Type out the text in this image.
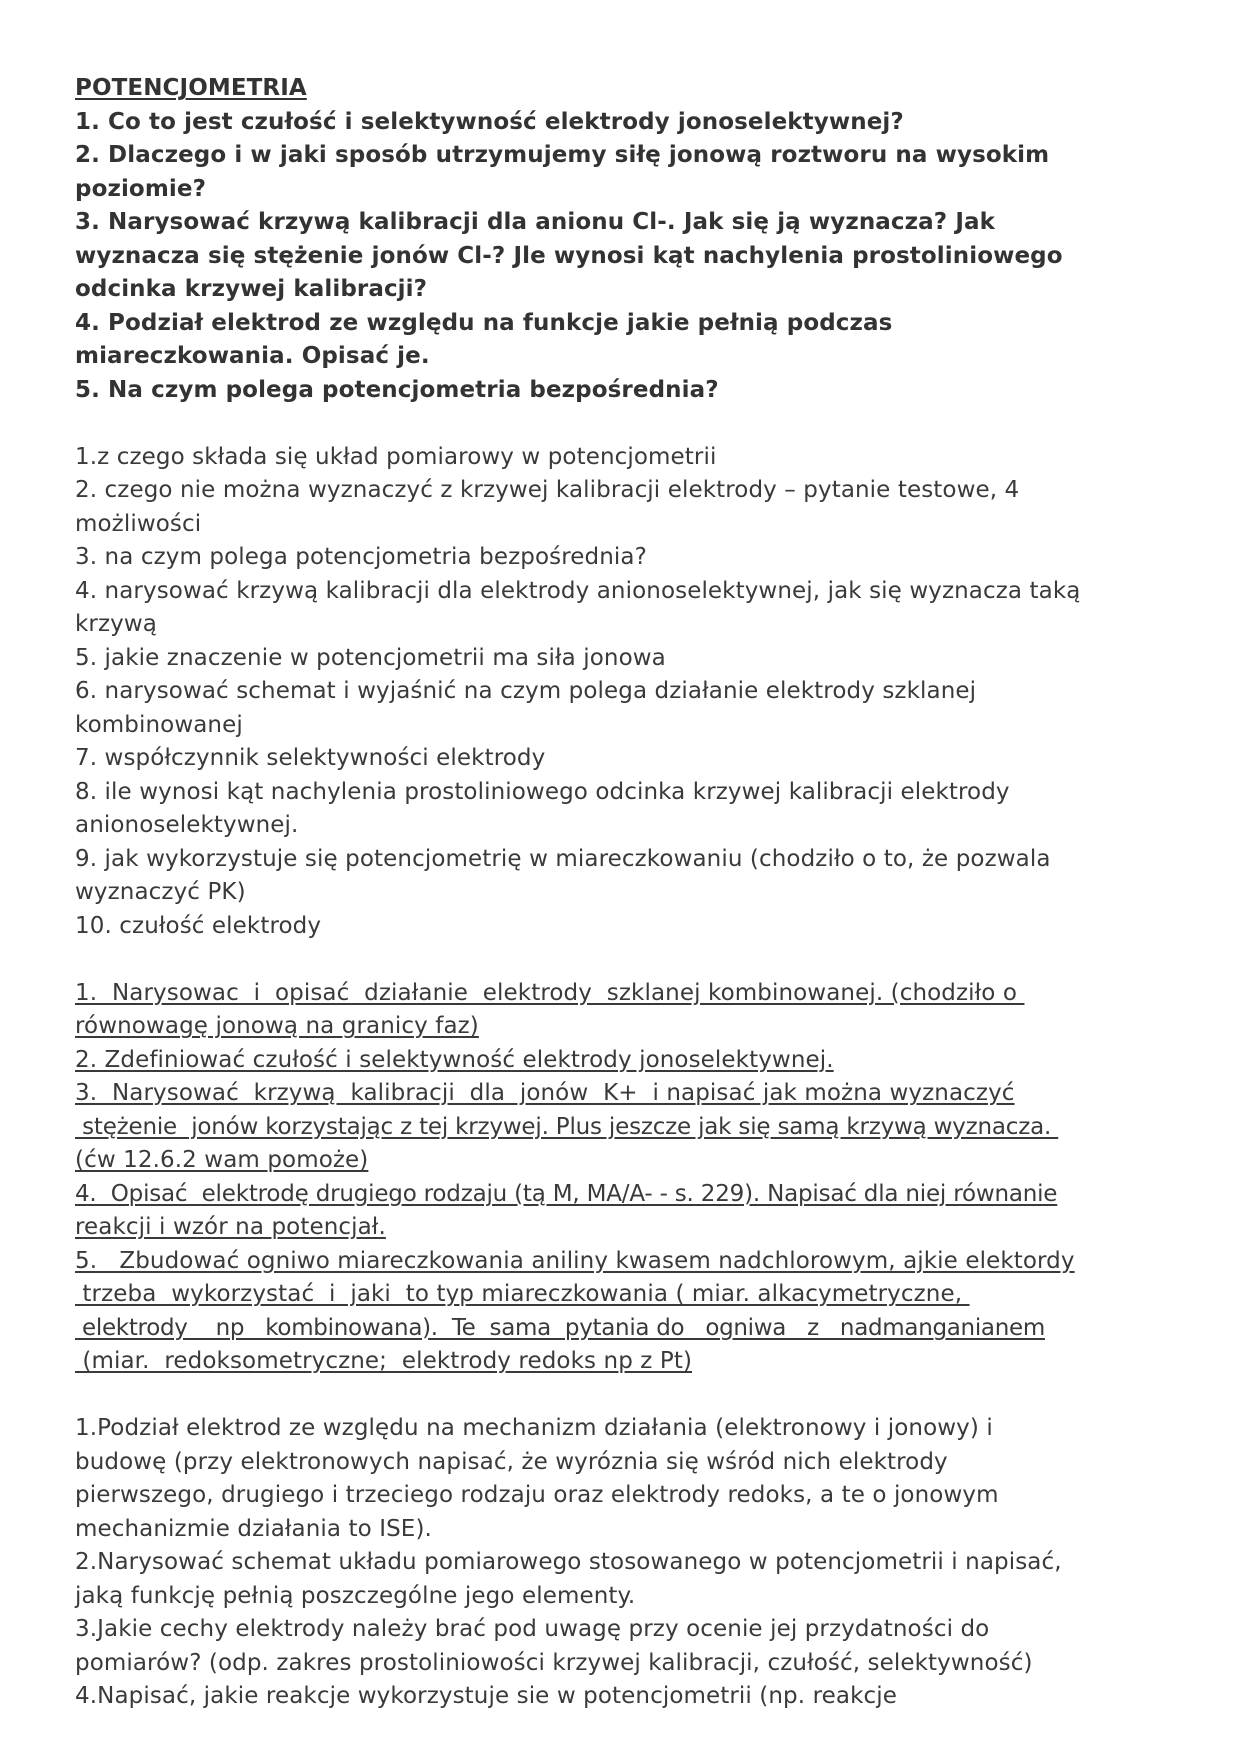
POTENCJOMETRIA
1. Co to jest czułość i selektywność elektrody jonoselektywnej?
2. Dlaczego i w jaki sposób utrzymujemy siłę jonową roztworu na wysokim
poziomie?
3. Narysować krzywą kalibracji dla anionu Cl-. Jak się ją wyznacza? Jak
wyznacza się stężenie jonów Cl-? Jle wynosi kąt nachylenia prostoliniowego
odcinka krzywej kalibracji?
4. Podział elektrod ze względu na funkcje jakie pełnią podczas
miareczkowania. Opisać je.
5. Na czym polega potencjometria bezpośrednia?
1.z czego składa się układ pomiarowy w potencjometrii
2. czego nie można wyznaczyć z krzywej kalibracji elektrody – pytanie testowe, 4
możliwości
3. na czym polega potencjometria bezpośrednia?
4. narysować krzywą kalibracji dla elektrody anionoselektywnej, jak się wyznacza taką
krzywą
5. jakie znaczenie w potencjometrii ma siła jonowa
6. narysować schemat i wyjaśnić na czym polega działanie elektrody szklanej
kombinowanej
7. współczynnik selektywności elektrody
8. ile wynosi kąt nachylenia prostoliniowego odcinka krzywej kalibracji elektrody
anionoselektywnej.
9. jak wykorzystuje się potencjometrię w miareczkowaniu (chodziło o to, że pozwala
wyznaczyć PK)
10. czułość elektrody
1.  Narysowac  i  opisać  działanie  elektrody  szklanej kombinowanej. (chodziło o
równowagę jonową na granicy faz)
2. Zdefiniować czułość i selektywność elektrody jonoselektywnej.
3.  Narysować  krzywą  kalibracji  dla  jonów  K+  i napisać jak można wyznaczyć
stężenie  jonów korzystając z tej krzywej. Plus jeszcze jak się samą krzywą wyznacza.
(ćw 12.6.2 wam pomoże)
4.  Opisać  elektrodę drugiego rodzaju (tą M, MA/A- - s. 229). Napisać dla niej równanie
reakcji i wzór na potencjał.
5.   Zbudować ogniwo miareczkowania aniliny kwasem nadchlorowym, ajkie elektordy
trzeba  wykorzystać  i  jaki  to typ miareczkowania ( miar. alkacymetryczne,
elektrody    np   kombinowana).  Te  sama  pytania do   ogniwa   z   nadmanganianem
(miar.  redoksometryczne;  elektrody redoks np z Pt)
1.Podział elektrod ze względu na mechanizm działania (elektronowy i jonowy) i
budowę (przy elektronowych napisać, że wyróznia się wśród nich elektrody
pierwszego, drugiego i trzeciego rodzaju oraz elektrody redoks, a te o jonowym
mechanizmie działania to ISE).
2.Narysować schemat układu pomiarowego stosowanego w potencjometrii i napisać,
jaką funkcję pełnią poszczególne jego elementy.
3.Jakie cechy elektrody należy brać pod uwagę przy ocenie jej przydatności do
pomiarów? (odp. zakres prostoliniowości krzywej kalibracji, czułość, selektywność)
4.Napisać, jakie reakcje wykorzystuje sie w potencjometrii (np. reakcje
